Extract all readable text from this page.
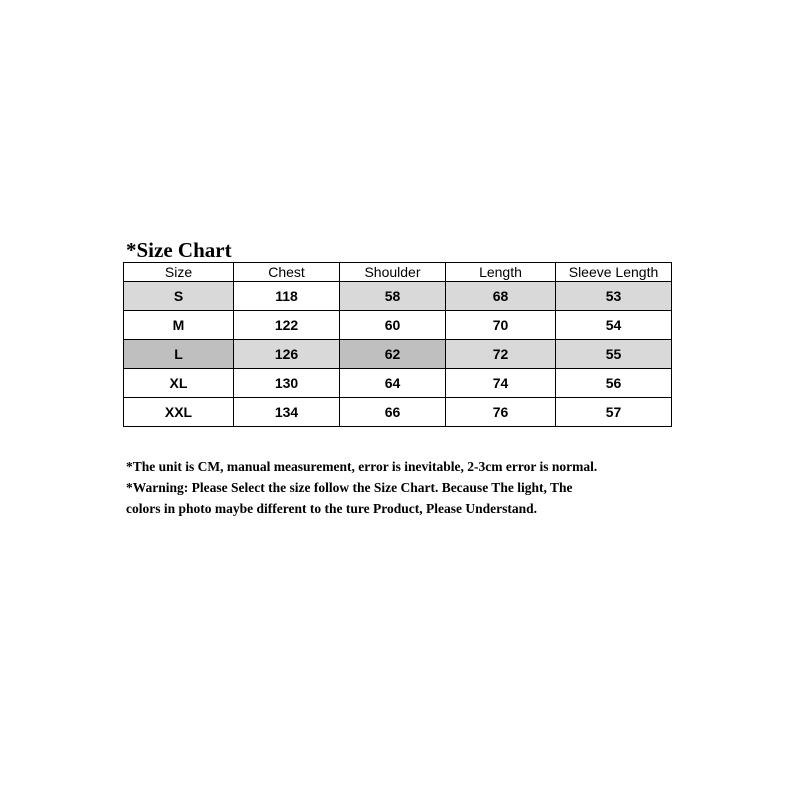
*Size Chart
Size	Chest	Shoulder	Length	Sleeve Length
S	118	58	68	53
M	122	60	70	54
L	126	62	72	55
XL	130	64	74	56
XXL	134	66	76	57

*The unit is CM, manual measurement, error is inevitable, 2-3cm error is normal.

*Warning: Please Select the size follow the Size Chart. Because The light, The

colors in photo maybe different to the ture Product, Please Understand.
